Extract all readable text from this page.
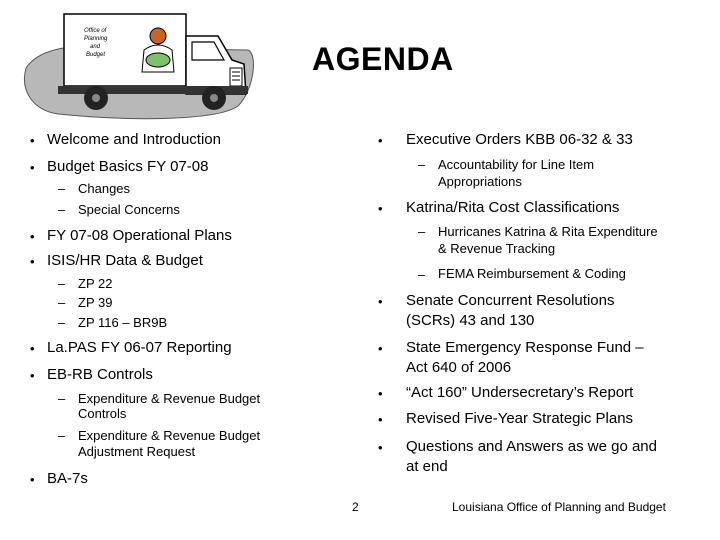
Office of
Planning
and
Budget	AGENDA
• Welcome and Introduction
• Budget Basics FY 07-08
– Changes
– Special Concerns
• FY 07-08 Operational Plans
• ISIS/HR Data & Budget
– ZP 22
– ZP 39
– ZP 116 – BR9B
• La.PAS FY 06-07 Reporting
• EB-RB Controls
– Expenditure & Revenue Budget
Controls
– Expenditure & Revenue Budget
Adjustment Request
• BA-7s
• Executive Orders KBB 06-32 & 33
– Accountability for Line Item
Appropriations
• Katrina/Rita Cost Classifications
– Hurricanes Katrina & Rita Expenditure
& Revenue Tracking
– FEMA Reimbursement & Coding
• Senate Concurrent Resolutions
(SCRs) 43 and 130
• State Emergency Response Fund –
Act 640 of 2006
• “Act 160” Undersecretary’s Report
• Revised Five-Year Strategic Plans
• Questions and Answers as we go and
at end
2	Louisiana Office of Planning and Budget
